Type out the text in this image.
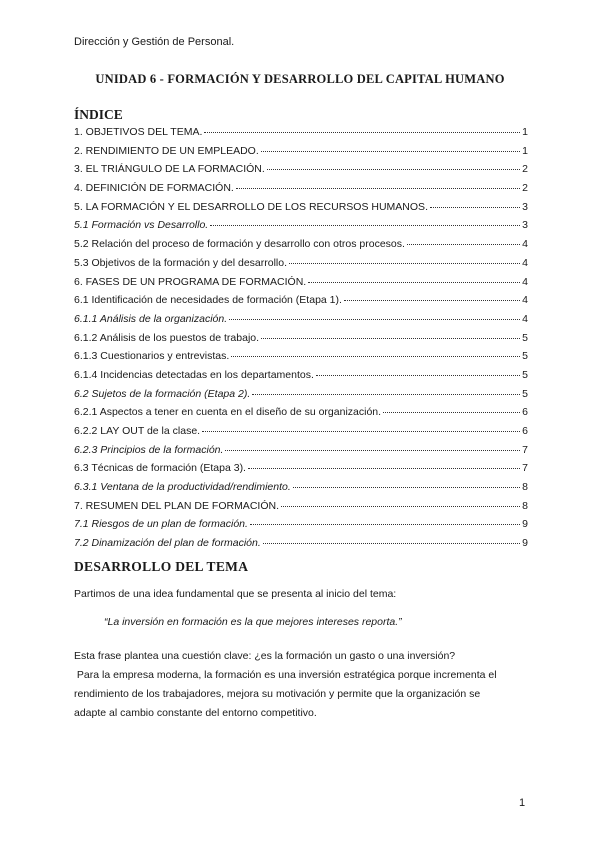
Dirección y Gestión de Personal.
UNIDAD 6 - FORMACIÓN Y DESARROLLO DEL CAPITAL HUMANO
ÍNDICE
1. OBJETIVOS DEL TEMA.	1
2. RENDIMIENTO DE UN EMPLEADO.	1
3. EL TRIÁNGULO DE LA FORMACIÓN.	2
4. DEFINICIÓN DE FORMACIÓN.	2
5. LA FORMACIÓN Y EL DESARROLLO DE LOS RECURSOS HUMANOS.	3
5.1 Formación vs Desarrollo.	3
5.2 Relación del proceso de formación y desarrollo con otros procesos.	4
5.3 Objetivos de la formación y del desarrollo.	4
6. FASES DE UN PROGRAMA DE FORMACIÓN.	4
6.1 Identificación de necesidades de formación (Etapa 1).	4
6.1.1 Análisis de la organización.	4
6.1.2 Análisis de los puestos de trabajo.	5
6.1.3 Cuestionarios y entrevistas.	5
6.1.4 Incidencias detectadas en los departamentos.	5
6.2 Sujetos de la formación (Etapa 2).	5
6.2.1 Aspectos a tener en cuenta en el diseño de su organización.	6
6.2.2 LAY OUT de la clase.	6
6.2.3 Principios de la formación.	7
6.3 Técnicas de formación (Etapa 3).	7
6.3.1 Ventana de la productividad/rendimiento.	8
7. RESUMEN DEL PLAN DE FORMACIÓN.	8
7.1 Riesgos de un plan de formación.	9
7.2 Dinamización del plan de formación.	9
DESARROLLO DEL TEMA
Partimos de una idea fundamental que se presenta al inicio del tema:
“La inversión en formación es la que mejores intereses reporta.”
Esta frase plantea una cuestión clave: ¿es la formación un gasto o una inversión?
Para la empresa moderna, la formación es una inversión estratégica porque incrementa el
rendimiento de los trabajadores, mejora su motivación y permite que la organización se
adapte al cambio constante del entorno competitivo.
1
